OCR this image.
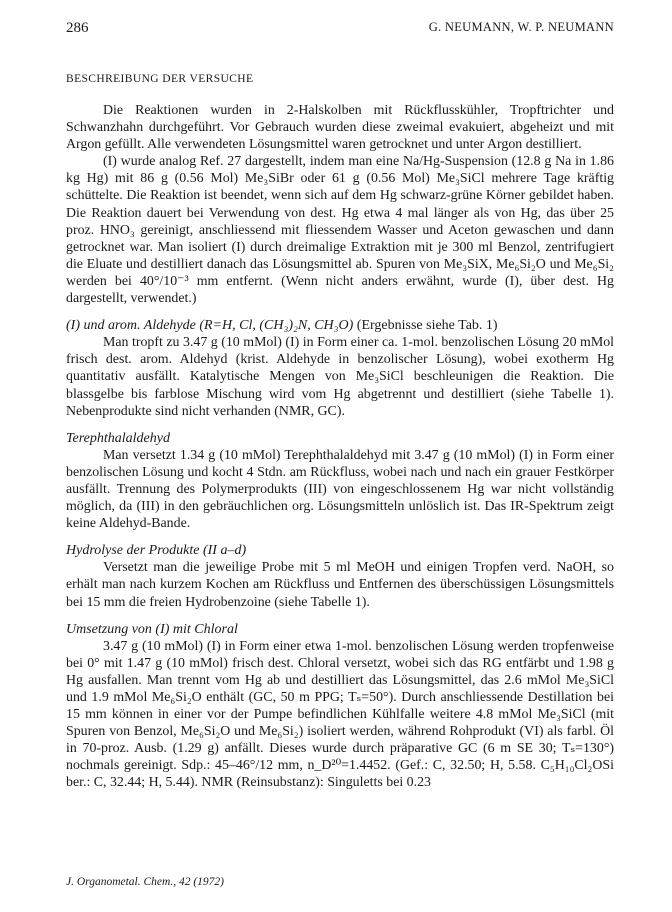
286	G. NEUMANN, W. P. NEUMANN
BESCHREIBUNG DER VERSUCHE

Die Reaktionen wurden in 2-Halskolben mit Rückflusskühler, Tropftrichter und Schwanzhahn durchgeführt. Vor Gebrauch wurden diese zweimal evakuiert, abgeheizt und mit Argon gefüllt. Alle verwendeten Lösungsmittel waren getrocknet und unter Argon destilliert.

(I) wurde analog Ref. 27 dargestellt, indem man eine Na/Hg-Suspension (12.8 g Na in 1.86 kg Hg) mit 86 g (0.56 Mol) Me₃SiBr oder 61 g (0.56 Mol) Me₃SiCl mehrere Tage kräftig schüttelte. Die Reaktion ist beendet, wenn sich auf dem Hg schwarz-grüne Körner gebildet haben. Die Reaktion dauert bei Verwendung von dest. Hg etwa 4 mal länger als von Hg, das über 25 proz. HNO₃ gereinigt, anschliessend mit fliessendem Wasser und Aceton gewaschen und dann getrocknet war. Man isoliert (I) durch dreimalige Extraktion mit je 300 ml Benzol, zentrifugiert die Eluate und destilliert danach das Lösungsmittel ab. Spuren von Me₃SiX, Me₆Si₂O und Me₆Si₂ werden bei 40°/10⁻³ mm entfernt. (Wenn nicht anders erwähnt, wurde (I), über dest. Hg dargestellt, verwendet.)

(I) und arom. Aldehyde (R=H, Cl, (CH₃)₂N, CH₃O) (Ergebnisse siehe Tab. 1)

Man tropft zu 3.47 g (10 mMol) (I) in Form einer ca. 1-mol. benzolischen Lösung 20 mMol frisch dest. arom. Aldehyd (krist. Aldehyde in benzolischer Lösung), wobei exotherm Hg quantitativ ausfällt. Katalytische Mengen von Me₃SiCl beschleunigen die Reaktion. Die blassgelbe bis farblose Mischung wird vom Hg abgetrennt und destilliert (siehe Tabelle 1). Nebenprodukte sind nicht verhanden (NMR, GC).

Terephthalaldehyd

Man versetzt 1.34 g (10 mMol) Terephthalaldehyd mit 3.47 g (10 mMol) (I) in Form einer benzolischen Lösung und kocht 4 Stdn. am Rückfluss, wobei nach und nach ein grauer Festkörper ausfällt. Trennung des Polymerprodukts (III) von eingeschlossenem Hg war nicht vollständig möglich, da (III) in den gebräuchlichen org. Lösungsmitteln unlöslich ist. Das IR-Spektrum zeigt keine Aldehyd-Bande.

Hydrolyse der Produkte (II a–d)

Versetzt man die jeweilige Probe mit 5 ml MeOH und einigen Tropfen verd. NaOH, so erhält man nach kurzem Kochen am Rückfluss und Entfernen des überschüssigen Lösungsmittels bei 15 mm die freien Hydrobenzoine (siehe Tabelle 1).

Umsetzung von (I) mit Chloral

3.47 g (10 mMol) (I) in Form einer etwa 1-mol. benzolischen Lösung werden tropfenweise bei 0° mit 1.47 g (10 mMol) frisch dest. Chloral versetzt, wobei sich das RG entfärbt und 1.98 g Hg ausfallen. Man trennt vom Hg ab und destilliert das Lösungsmittel, das 2.6 mMol Me₃SiCl und 1.9 mMol Me₆Si₂O enthält (GC, 50 m PPG; Tₛ=50°). Durch anschliessende Destillation bei 15 mm können in einer vor der Pumpe befindlichen Kühlfalle weitere 4.8 mMol Me₃SiCl (mit Spuren von Benzol, Me₆Si₂O und Me₆Si₂) isoliert werden, während Rohprodukt (VI) als farbl. Öl in 70-proz. Ausb. (1.29 g) anfällt. Dieses wurde durch präparative GC (6 m SE 30; Tₛ=130°) nochmals gereinigt. Sdp.: 45–46°/12 mm, n_D²⁰=1.4452. (Gef.: C, 32.50; H, 5.58. C₅H₁₀Cl₂OSi ber.: C, 32.44; H, 5.44). NMR (Reinsubstanz): Singuletts bei 0.23

J. Organometal. Chem., 42 (1972)
